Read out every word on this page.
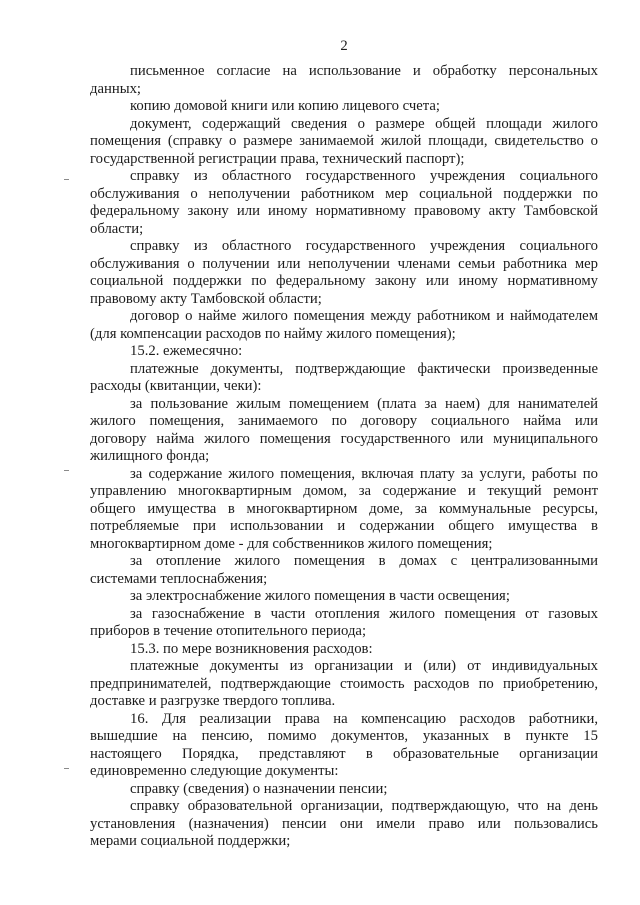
2
письменное согласие на использование и обработку персональных
данных;
копию домовой книги или копию лицевого счета;
документ, содержащий сведения о размере общей площади жилого
помещения (справку о размере занимаемой жилой площади, свидетельство о
государственной регистрации права, технический паспорт);
справку из областного государственного учреждения социального
обслуживания о неполучении работником мер социальной поддержки по
федеральному закону или иному нормативному правовому акту Тамбовской
области;
справку из областного государственного учреждения социального
обслуживания о получении или неполучении членами семьи работника мер
социальной поддержки по федеральному закону или иному нормативному
правовому акту Тамбовской области;
договор о найме жилого помещения между работником и наймодателем
(для компенсации расходов по найму жилого помещения);
15.2. ежемесячно:
платежные документы, подтверждающие фактически произведенные
расходы (квитанции, чеки):
за пользование жилым помещением (плата за наем) для нанимателей
жилого помещения, занимаемого по договору социального найма или
договору найма жилого помещения государственного или муниципального
жилищного фонда;
за содержание жилого помещения, включая плату за услуги, работы по
управлению многоквартирным домом, за содержание и текущий ремонт
общего имущества в многоквартирном доме, за коммунальные ресурсы,
потребляемые при использовании и содержании общего имущества в
многоквартирном доме - для собственников жилого помещения;
за отопление жилого помещения в домах с централизованными
системами теплоснабжения;
за электроснабжение жилого помещения в части освещения;
за газоснабжение в части отопления жилого помещения от газовых
приборов в течение отопительного периода;
15.3. по мере возникновения расходов:
платежные документы из организации и (или) от индивидуальных
предпринимателей, подтверждающие стоимость расходов по приобретению,
доставке и разгрузке твердого топлива.
16. Для реализации права на компенсацию расходов работники,
вышедшие на пенсию, помимо документов, указанных в пункте 15
настоящего Порядка, представляют в образовательные организации
единовременно следующие документы:
справку (сведения) о назначении пенсии;
справку образовательной организации, подтверждающую, что на день
установления (назначения) пенсии они имели право или пользовались
мерами социальной поддержки;
